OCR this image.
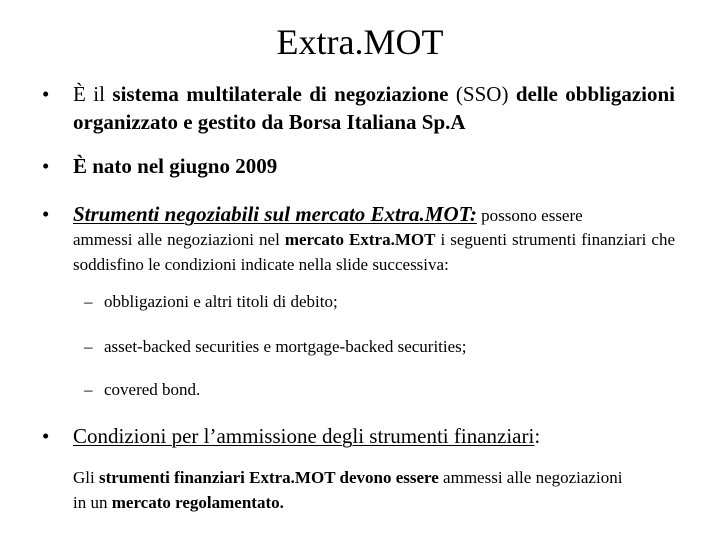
Extra.MOT
• È il sistema multilaterale di negoziazione (SSO) delle obbligazioni organizzato e gestito da Borsa Italiana Sp.A
• È nato nel giugno 2009
• Strumenti negoziabili sul mercato Extra.MOT: possono essere
ammessi alle negoziazioni nel mercato Extra.MOT i seguenti strumenti finanziari che soddisfino le condizioni indicate nella slide successiva:
– obbligazioni e altri titoli di debito;
– asset-backed securities e mortgage-backed securities;
– covered bond.
• Condizioni per l’ammissione degli strumenti finanziari:
Gli strumenti finanziari Extra.MOT devono essere ammessi alle negoziazioni in un mercato regolamentato.
